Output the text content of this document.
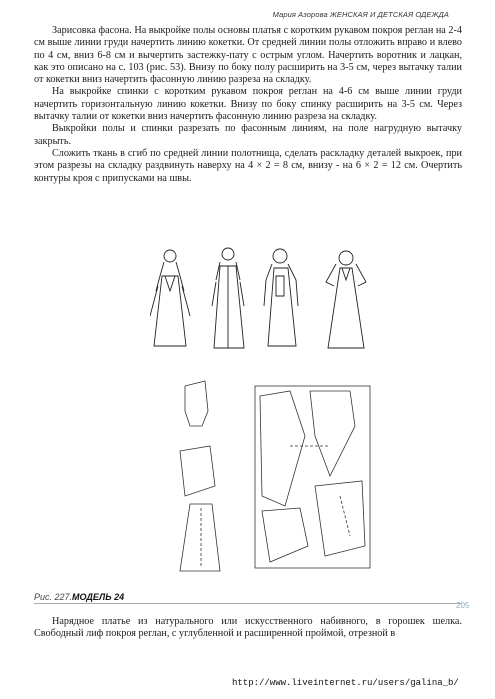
Мария Азорова ЖЕНСКАЯ И ДЕТСКАЯ ОДЕЖДА

Зарисовка фасона. На выкройке полы основы платья с коротким рукавом покроя реглан на 2-4 см выше линии груди начертить линию кокетки. От средней линии полы отложить вправо и влево по 4 см, вниз 6-8 см и вычертить застежку-пату с острым углом. Начертить воротник и лацкан, как это описано на с. 103 (рис. 53). Внизу по боку полу расширить на 3-5 см, через вытачку талии от кокетки вниз начертить фасонную линию разреза на складку.

На выкройке спинки с коротким рукавом покроя реглан на 4-6 см выше линии груди начертить горизонтальную линию кокетки. Внизу по боку спинку расширить на 3-5 см. Через вытачку талии от кокетки вниз начертить фасонную линию разреза на складку.

Выкройки полы и спинки разрезать по фасонным линиям, на поле нагрудную вытачку закрыть.

Сложить ткань в сгиб по средней линии полотнища, сделать раскладку деталей выкроек, при этом разрезы на складку раздвинуть наверху на 4 × 2 = 8 см, внизу - на 6 × 2 = 12 см. Очертить контуры кроя с припусками на швы.

Рис. 227.МОДЕЛЬ 24
205

Нарядное платье из натурального или искусственного набивного, в горошек шелка. Свободный лиф покроя реглан, с углубленной и расширенной проймой, отрезной в

http://www.liveinternet.ru/users/galina_b/
